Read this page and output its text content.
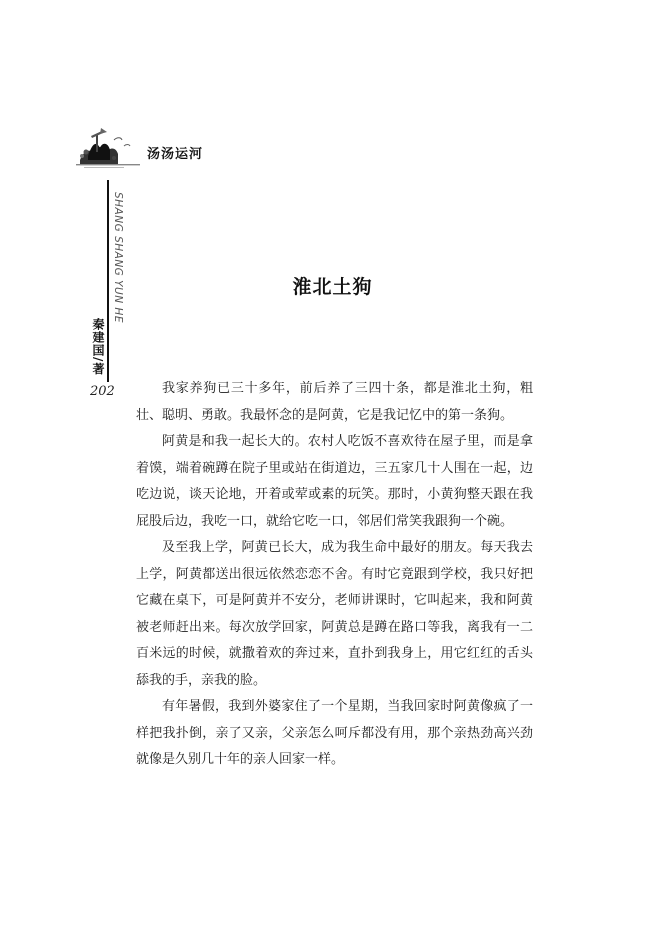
汤汤运河
SHANG SHANG YUN HE
秦建国/著
202
淮北土狗

我家养狗已三十多年，前后养了三四十条，都是淮北土狗，粗壮、聪明、勇敢。我最怀念的是阿黄，它是我记忆中的第一条狗。

阿黄是和我一起长大的。农村人吃饭不喜欢待在屋子里，而是拿着馍，端着碗蹲在院子里或站在街道边，三五家几十人围在一起，边吃边说，谈天论地，开着或荤或素的玩笑。那时，小黄狗整天跟在我屁股后边，我吃一口，就给它吃一口，邻居们常笑我跟狗一个碗。

及至我上学，阿黄已长大，成为我生命中最好的朋友。每天我去上学，阿黄都送出很远依然恋恋不舍。有时它竟跟到学校，我只好把它藏在桌下，可是阿黄并不安分，老师讲课时，它叫起来，我和阿黄被老师赶出来。每次放学回家，阿黄总是蹲在路口等我，离我有一二百米远的时候，就撒着欢的奔过来，直扑到我身上，用它红红的舌头舔我的手，亲我的脸。

有年暑假，我到外婆家住了一个星期，当我回家时阿黄像疯了一样把我扑倒，亲了又亲，父亲怎么呵斥都没有用，那个亲热劲高兴劲就像是久别几十年的亲人回家一样。
